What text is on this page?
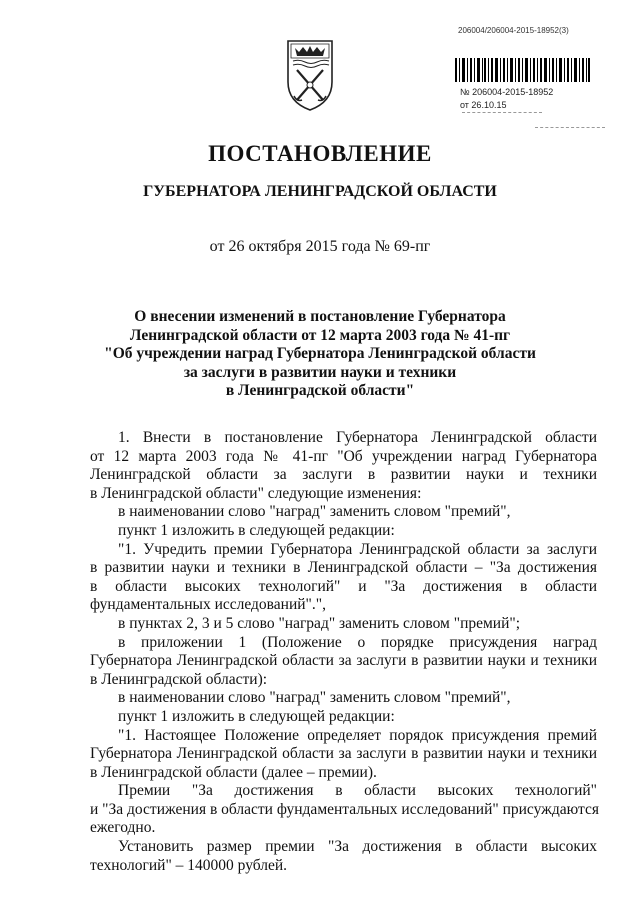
206004/206004-2015-18952(3)
№ 206004-2015-18952
от 26.10.15
ПОСТАНОВЛЕНИЕ
ГУБЕРНАТОРА ЛЕНИНГРАДСКОЙ ОБЛАСТИ
от 26 октября 2015 года № 69-пг
О внесении изменений в постановление Губернатора
Ленинградской области от 12 марта 2003 года № 41-пг
"Об учреждении наград Губернатора Ленинградской области
за заслуги в развитии науки и техники
в Ленинградской области"
1. Внести в постановление Губернатора Ленинградской области
от 12 марта 2003 года № 41-пг "Об учреждении наград Губернатора
Ленинградской области за заслуги в развитии науки и техники
в Ленинградской области" следующие изменения:
в наименовании слово "наград" заменить словом "премий",
пункт 1 изложить в следующей редакции:
"1. Учредить премии Губернатора Ленинградской области за заслуги
в развитии науки и техники в Ленинградской области – "За достижения
в области высоких технологий" и "За достижения в области
фундаментальных исследований".",
в пунктах 2, 3 и 5 слово "наград" заменить словом "премий";
в приложении 1 (Положение о порядке присуждения наград
Губернатора Ленинградской области за заслуги в развитии науки и техники
в Ленинградской области):
в наименовании слово "наград" заменить словом "премий",
пункт 1 изложить в следующей редакции:
"1. Настоящее Положение определяет порядок присуждения премий
Губернатора Ленинградской области за заслуги в развитии науки и техники
в Ленинградской области (далее – премии).
Премии "За достижения в области высоких технологий"
и "За достижения в области фундаментальных исследований" присуждаются
ежегодно.
Установить размер премии "За достижения в области высоких
технологий" – 140000 рублей.
